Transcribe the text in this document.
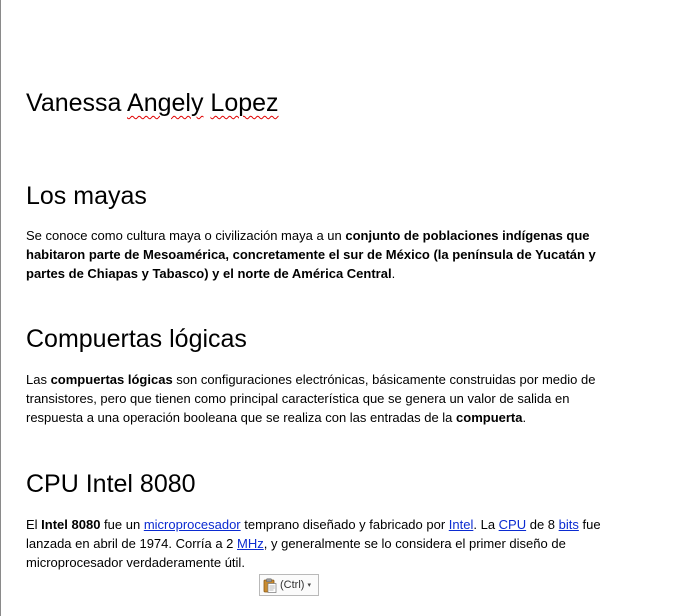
Vanessa Angely Lopez

Los mayas

Se conoce como cultura maya o civilización maya a un conjunto de poblaciones indígenas que habitaron parte de Mesoamérica, concretamente el sur de México (la península de Yucatán y partes de Chiapas y Tabasco) y el norte de América Central.

Compuertas lógicas

Las compuertas lógicas son configuraciones electrónicas, básicamente construidas por medio de transistores, pero que tienen como principal característica que se genera un valor de salida en respuesta a una operación booleana que se realiza con las entradas de la compuerta.

CPU Intel 8080

El Intel 8080 fue un microprocesador temprano diseñado y fabricado por Intel. La CPU de 8 bits fue lanzada en abril de 1974. Corría a 2 MHz, y generalmente se lo considera el primer diseño de microprocesador verdaderamente útil.

(Ctrl) ▾
